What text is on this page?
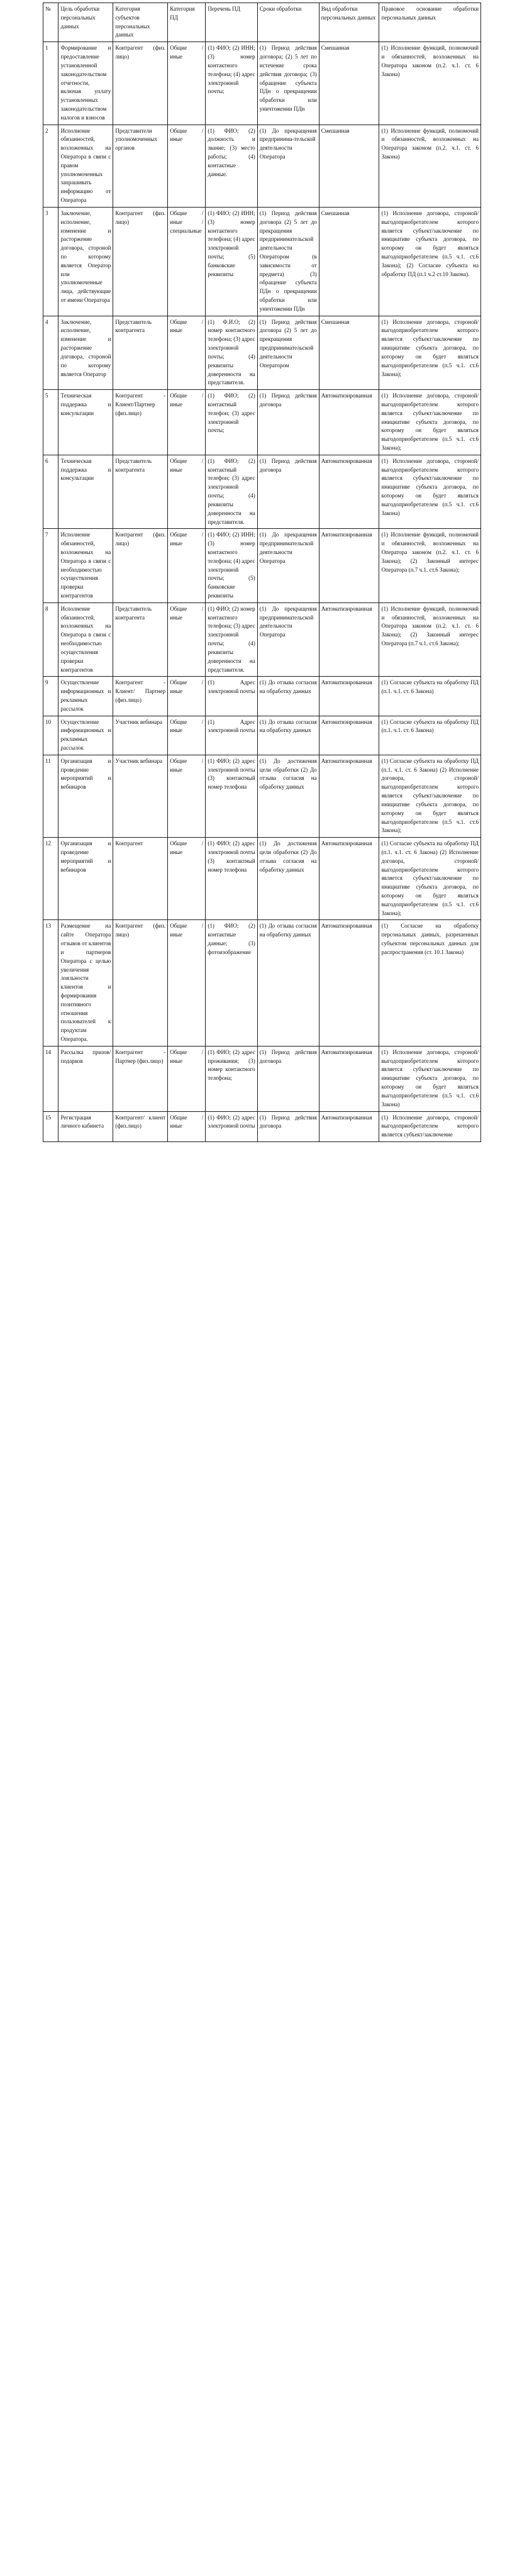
№	Цель обработки персональных данных	Категория субъектов персональных данных	Категория ПД	Перечень ПД	Сроки обработки	Вид обработки персональных данных	Правовое основание обработки персональных данных
1	Формирование и предоставление установленной законодательством отчетности, включая уплату установленных законодательством налогов и взносов	Контрагент (физ. лицо)	Общие / иные	(1) ФИО; (2) ИНН; (3) номер контактного телефона; (4) адрес электронной почты;	(1) Период действия договора; (2) 5 лет по истечение срока действия договора; (3) обращение субъекта ПДн о прекращении обработки или уничтожении ПДн	Смешанная	(1) Исполнение функций, полномочий и обязанностей, возложенных на Оператора законом (п.2. ч.1. ст. 6 Закона)
2	Исполнение обязанностей, возложенных на Оператора в связи с правом уполномоченных запрашивать информацию от Оператора	Представители уполномоченных органов	Общие / иные	(1) ФИО; (2) должность и звание; (3) место работы; (4) контактные данные.	(1) До прекращения предпринима-тельской деятельности Оператора	Смешанная	(1) Исполнение функций, полномочий и обязанностей, возложенных на Оператора законом (п.2. ч.1. ст. 6 Закона)
3	Заключение, исполнение, изменение и расторжение договора, стороной по которому является Оператор или уполномоченные лица, действующие от имени Оператора	Контрагент (физ. лицо)	Общие / иные / специальные	(1) ФИО; (2) ИНН; (3) номер контактного телефона; (4) адрес электронной почты; (5) банковские реквизиты	(1) Период действия договора (2) 5 лет до прекращения предпринимательской деятельности Оператором (в зависимости от предмета) (3) обращение субъекта ПДн о прекращении обработки или уничтожении ПДн	Смешанная	(1) Исполнение договора, стороной/выгодоприобретателем которого является субъект/заключение по инициативе субъекта договора, по которому он будет являться выгодоприобретателем (п.5 ч.1. ст.6 Закона); (2) Согласие субъекта на обработку ПД (п.1 ч.2 ст.10 Закона).
4	Заключение, исполнение, изменение и расторжение договора, стороной по которому является Оператор	Представитель контрагента	Общие / иные	(1) Ф.И.О; (2) номер контактного телефона; (3) адрес электронной почты; (4) реквизиты доверенности на представителя.	(1) Период действия договора (2) 5 лет до прекращения предпринимательской деятельности Оператором	Смешанная	(1) Исполнение договора, стороной/выгодоприобретателем которого является субъект/заключение по инициативе субъекта договора, по которому он будет являться выгодоприобретателем (п.5 ч.1. ст.6 Закона);
5	Техническая поддержка и консультации	Контрагент - Клиент/Партнер (физ.лицо)	Общие / иные	(1) ФИО; (2) контактный телефон; (3) адрес электронной почты;	(1) Период действия договора	Автоматизированная	(1) Исполнение договора, стороной/выгодоприобретателем которого является субъект/заключение по инициативе субъекта договора, по которому он будет являться выгодоприобретателем (п.5 ч.1. ст.6 Закона);
6	Техническая поддержка и консультации	Представитель контрагента	Общие / иные	(1) ФИО; (2) контактный телефон; (3) адрес электронной почты; (4) реквизиты доверенности на представителя.	(1) Период действия договора	Автоматизированная	(1) Исполнение договора, стороной/выгодоприобретателем которого является субъект/заключение по инициативе субъекта договора, по которому он будет являться выгодоприобретателем (п.5 ч.1. ст.6 Закона)
7	Исполнение обязанностей, возложенных на Оператора в связи с необходимостью осуществления проверки контрагентов	Контрагент (физ. лицо)	Общие / иные	(1) ФИО; (2) ИНН; (3) номер контактного телефона; (4) адрес электронной почты; (5) банковские реквизиты	(1) До прекращения предпринимательской деятельности Оператора	Автоматизированная	(1) Исполнение функций, полномочий и обязанностей, возложенных на Оператора законом (п.2. ч.1. ст. 6 Закона); (2) Законный интерес Оператора (п.7 ч.1. ст.6 Закона);
8	Исполнение обязанностей, возложенных на Оператора в связи с необходимостью осуществления проверки контрагентов	Представитель контрагента	Общие / иные	(1) ФИО; (2) номер контактного телефона; (3) адрес электронной почты; (4) реквизиты доверенности на представителя.	(1) До прекращения предпринимательской деятельности Оператора	Автоматизированная	(1) Исполнение функций, полномочий и обязанностей, возложенных на Оператора законом (п.2. ч.1. ст. 6 Закона); (2) Законный интерес Оператора (п.7 ч.1. ст.6 Закона);
9	Осуществление информационных и рекламных рассылок	Контрагент - Клиент/ Партнер (физ.лицо)	Общие / иные	(1) Адрес электронной почты	(1) До отзыва согласия на обработку данных	Автоматизированная	(1) Согласие субъекта на обработку ПД (п.1. ч.1. ст. 6 Закона)
10	Осуществление информационных и рекламных рассылок	Участник вебинара	Общие / иные	(1) Адрес электронной почты	(1) До отзыва согласия на обработку данных	Автоматизированная	(1) Согласие субъекта на обработку ПД (п.1. ч.1. ст. 6 Закона)
11	Организация и проведение мероприятий и вебинаров	Участник вебинара	Общие / иные	(1) ФИО; (2) адрес электронной почты (3) контактный номер телефона	(1) До достижения цели обработки (2) До отзыва согласия на обработку данных	Автоматизированная	(1) Согласие субъекта на обработку ПД (п.1. ч.1. ст. 6 Закона) (2) Исполнение договора, стороной/выгодоприобретателем которого является субъект/заключение по инициативе субъекта договора, по которому он будет являться выгодоприобретателем (п.5 ч.1. ст.6 Закона);
12	Организация и проведение мероприятий и вебинаров	Контрагент	Общие / иные	(1) ФИО; (2) адрес электронной почты (3) контактный номер телефона	(1) До достижения цели обработки (2) До отзыва согласия на обработку данных	Автоматизированная	(1) Согласие субъекта на обработку ПД (п.1. ч.1. ст. 6 Закона) (2) Исполнение договора, стороной/выгодоприобретателем которого является субъект/заключение по инициативе субъекта договора, по которому он будет являться выгодоприобретателем (п.5 ч.1. ст.6 Закона);
13	Размещение на сайте Оператора отзывов от клиентов и партнеров Оператора с целью увеличения лояльности клиентов и формирования позитивного отношения пользователей к продуктам Оператора.	Контрагент (физ. лицо)	Общие / иные	(1) ФИО; (2) контактные данные; (3) фотоизображение	(1) До отзыва согласия на обработку данных	Автоматизированная	(1) Согласие на обработку персональных данных, разрешенных субъектом персональных данных для распространения (ст. 10.1 Закона)
14	Рассылка призов/подарков	Контрагент - Партнер (физ.лицо)	Общие / иные	(1) ФИО; (2) адрес проживания; (3) номер контактного телефона;	(1) Период действия договора	Автоматизированная	(1) Исполнение договора, стороной/выгодоприобретателем которого является субъект/заключение по инициативе субъекта договора, по которому он будет являться выгодоприобретателем (п.5 ч.1. ст.6 Закона)
15	Регистрация личного кабинета	Контрагент/ клиент (физ.лицо)	Общие / иные	(1) ФИО; (2) адрес электронной почты	(1) Период действия договора	Автоматизированная	(1) Исполнение договора, стороной/выгодоприобретателем которого является субъект/заключение
